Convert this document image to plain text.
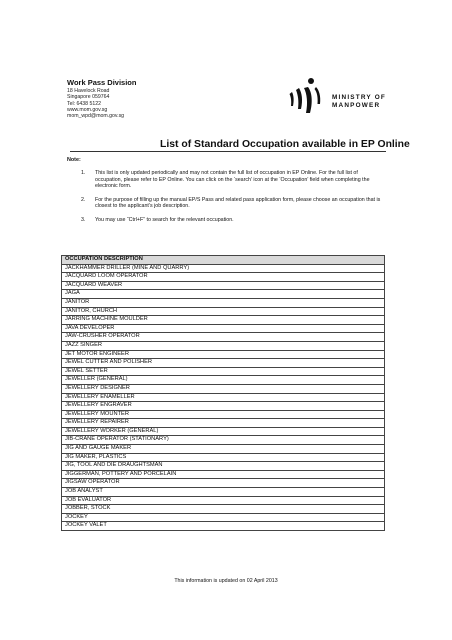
Work Pass Division
18 Havelock Road
Singapore 059764
Tel: 6438 5122
www.mom.gov.sg
mom_wpd@mom.gov.sg
MINISTRY OF
MANPOWER
List of Standard Occupation available in EP Online
Note:
1. This list is only updated periodically and may not contain the full list of occupation in EP Online. For the full list of occupation, please refer to EP Online. You can click on the ‘search’ icon at the ‘Occupation’ field when completing the electronic form.
2. For the purpose of filling up the manual EP/S Pass and related pass application form, please choose an occupation that is closest to the applicant’s job description.
3. You may use “Ctrl+F” to search for the relevant occupation.
OCCUPATION DESCRIPTION
JACKHAMMER DRILLER (MINE AND QUARRY)
JACQUARD LOOM OPERATOR
JACQUARD WEAVER
JAGA
JANITOR
JANITOR, CHURCH
JARRING MACHINE MOULDER
JAVA DEVELOPER
JAW-CRUSHER OPERATOR
JAZZ SINGER
JET MOTOR ENGINEER
JEWEL CUTTER AND POLISHER
JEWEL SETTER
JEWELLER (GENERAL)
JEWELLERY DESIGNER
JEWELLERY ENAMELLER
JEWELLERY ENGRAVER
JEWELLERY MOUNTER
JEWELLERY REPAIRER
JEWELLERY WORKER (GENERAL)
JIB-CRANE OPERATOR (STATIONARY)
JIG AND GAUGE MAKER
JIG MAKER, PLASTICS
JIG, TOOL AND DIE DRAUGHTSMAN
JIGGERMAN, POTTERY AND PORCELAIN
JIGSAW OPERATOR
JOB ANALYST
JOB EVALUATOR
JOBBER, STOCK
JOCKEY
JOCKEY VALET
This information is updated on 02 April 2013
